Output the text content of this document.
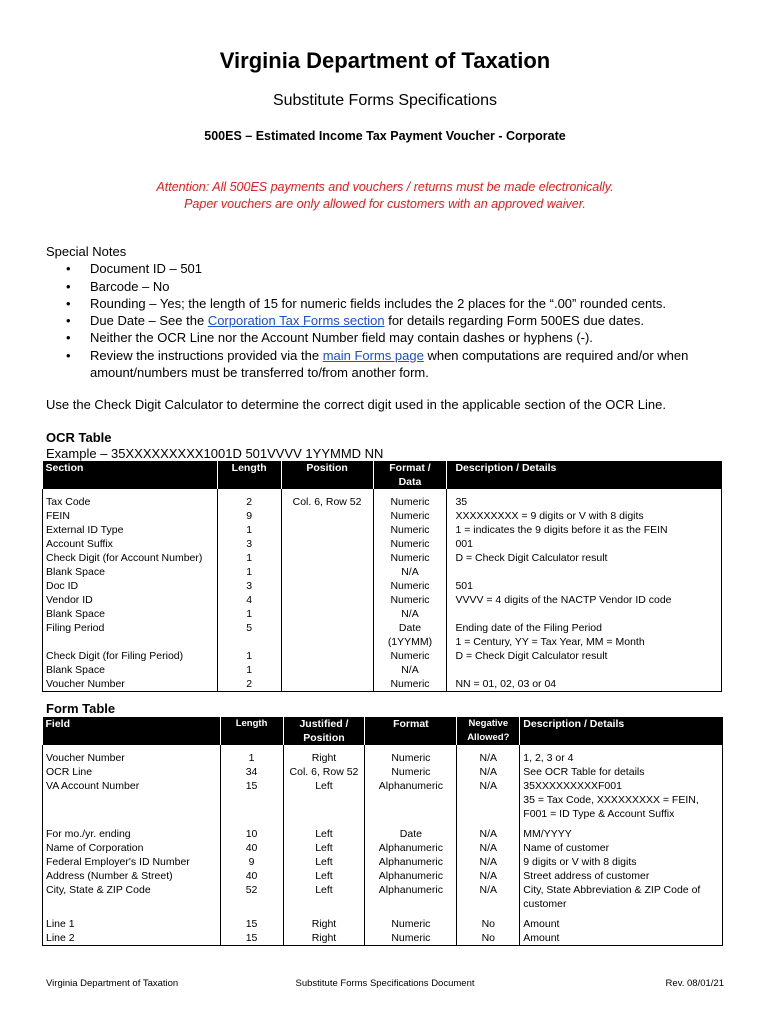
Virginia Department of Taxation
Substitute Forms Specifications
500ES – Estimated Income Tax Payment Voucher - Corporate
Attention: All 500ES payments and vouchers / returns must be made electronically.
Paper vouchers are only allowed for customers with an approved waiver.
Special Notes
• Document ID – 501
• Barcode – No
• Rounding – Yes; the length of 15 for numeric fields includes the 2 places for the “.00” rounded cents.
• Due Date – See the Corporation Tax Forms section for details regarding Form 500ES due dates.
• Neither the OCR Line nor the Account Number field may contain dashes or hyphens (-).
• Review the instructions provided via the main Forms page when computations are required and/or when amount/numbers must be transferred to/from another form.
Use the Check Digit Calculator to determine the correct digit used in the applicable section of the OCR Line.
OCR Table
Example – 35XXXXXXXXX1001D 501VVVV 1YYMMD NN
Section	Length	Position	Format / Data	Description / Details

Tax Code	2	Col. 6, Row 52	Numeric	35
FEIN	9		Numeric	XXXXXXXXX = 9 digits or V with 8 digits
External ID Type	1		Numeric	1 = indicates the 9 digits before it as the FEIN
Account Suffix	3		Numeric	001
Check Digit (for Account Number)	1		Numeric	D = Check Digit Calculator result
Blank Space	1		N/A	
Doc ID	3		Numeric	501
Vendor ID	4		Numeric	VVVV = 4 digits of the NACTP Vendor ID code
Blank Space	1		N/A	
Filing Period	5		Date (1YYMM)	Ending date of the Filing Period
1 = Century, YY = Tax Year, MM = Month
Check Digit (for Filing Period)	1		Numeric	D = Check Digit Calculator result
Blank Space	1		N/A	
Voucher Number	2		Numeric	NN = 01, 02, 03 or 04
Form Table
Field	Length	Justified / Position	Format	Negative Allowed?	Description / Details

Voucher Number	1	Right	Numeric	N/A	1, 2, 3 or 4
OCR Line	34	Col. 6, Row 52	Numeric	N/A	See OCR Table for details
VA Account Number	15	Left	Alphanumeric	N/A	35XXXXXXXXXF001
35 = Tax Code, XXXXXXXXX = FEIN,
F001 = ID Type & Account Suffix

For mo./yr. ending	10	Left	Date	N/A	MM/YYYY
Name of Corporation	40	Left	Alphanumeric	N/A	Name of customer
Federal Employer's ID Number	9	Left	Alphanumeric	N/A	9 digits or V with 8 digits
Address (Number & Street)	40	Left	Alphanumeric	N/A	Street address of customer
City, State & ZIP Code	52	Left	Alphanumeric	N/A	City, State Abbreviation & ZIP Code of customer

Line 1	15	Right	Numeric	No	Amount
Line 2	15	Right	Numeric	No	Amount
Virginia Department of Taxation	Substitute Forms Specifications Document	Rev. 08/01/21
